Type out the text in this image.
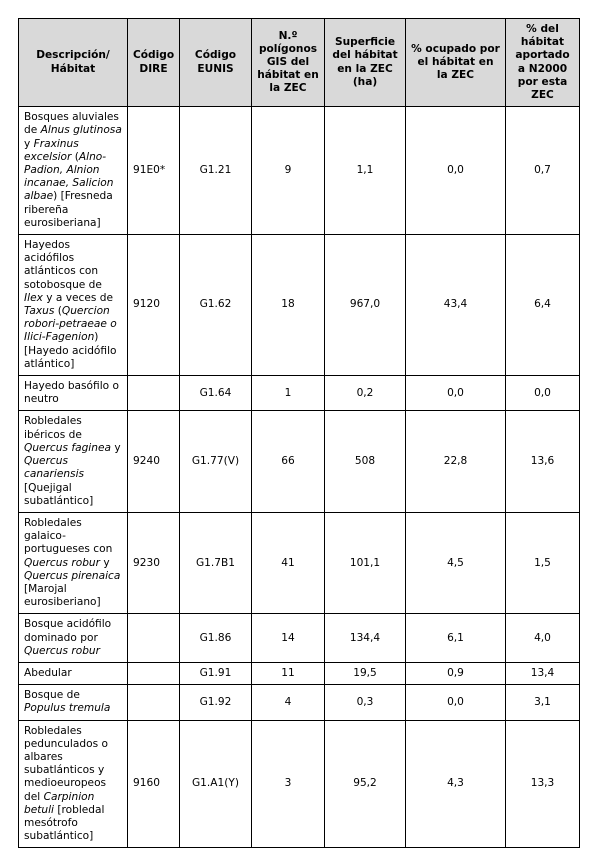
Descripción/ Hábitat	Código DIRE	Código EUNIS	N.º polígonos GIS del hábitat en la ZEC	Superficie del hábitat en la ZEC (ha)	% ocupado por el hábitat en la ZEC	% del hábitat aportado a N2000 por esta ZEC
Bosques aluviales de Alnus glutinosa y Fraxinus excelsior (Alno-Padion, Alnion incanae, Salicion albae) [Fresneda ribereña eurosiberiana]	91E0*	G1.21	9	1,1	0,0	0,7
Hayedos acidófilos atlánticos con sotobosque de Ilex y a veces de Taxus (Quercion robori-petraeae o Ilici-Fagenion) [Hayedo acidófilo atlántico]	9120	G1.62	18	967,0	43,4	6,4
Hayedo basófilo o neutro		G1.64	1	0,2	0,0	0,0
Robledales ibéricos de Quercus faginea y Quercus canariensis [Quejigal subatlántico]	9240	G1.77(V)	66	508	22,8	13,6
Robledales galaico-portugueses con Quercus robur y Quercus pirenaica [Marojal eurosiberiano]	9230	G1.7B1	41	101,1	4,5	1,5
Bosque acidófilo dominado por Quercus robur		G1.86	14	134,4	6,1	4,0
Abedular		G1.91	11	19,5	0,9	13,4
Bosque de Populus tremula		G1.92	4	0,3	0,0	3,1
Robledales pedunculados o albares subatlánticos y medioeuropeos del Carpinion betuli [robledal mesótrofo subatlántico]	9160	G1.A1(Y)	3	95,2	4,3	13,3
